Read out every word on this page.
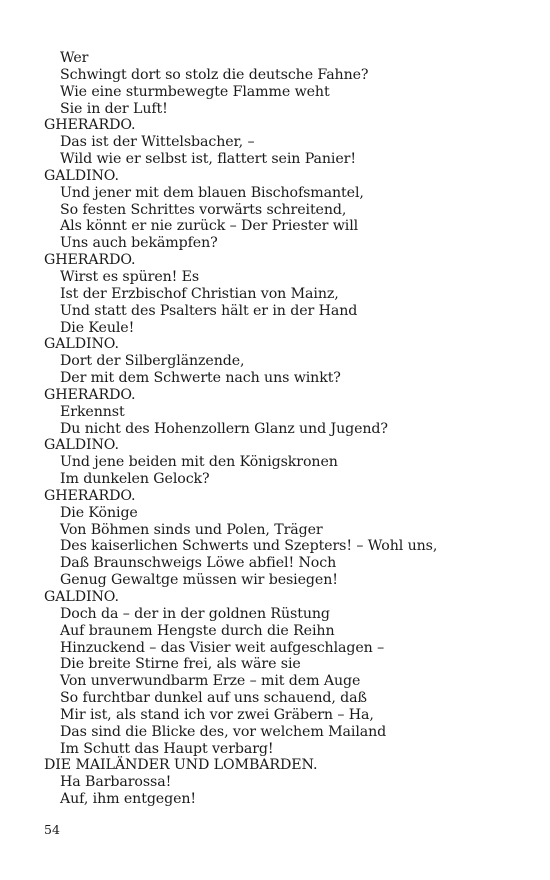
Wer
Schwingt dort so stolz die deutsche Fahne?
Wie eine sturmbewegte Flamme weht
Sie in der Luft!
GHERARDO.
Das ist der Wittelsbacher, –
Wild wie er selbst ist, flattert sein Panier!
GALDINO.
Und jener mit dem blauen Bischofsmantel,
So festen Schrittes vorwärts schreitend,
Als könnt er nie zurück – Der Priester will
Uns auch bekämpfen?
GHERARDO.
Wirst es spüren! Es
Ist der Erzbischof Christian von Mainz,
Und statt des Psalters hält er in der Hand
Die Keule!
GALDINO.
Dort der Silberglänzende,
Der mit dem Schwerte nach uns winkt?
GHERARDO.
Erkennst
Du nicht des Hohenzollern Glanz und Jugend?
GALDINO.
Und jene beiden mit den Königskronen
Im dunkelen Gelock?
GHERARDO.
Die Könige
Von Böhmen sinds und Polen, Träger
Des kaiserlichen Schwerts und Szepters! – Wohl uns,
Daß Braunschweigs Löwe abfiel! Noch
Genug Gewaltge müssen wir besiegen!
GALDINO.
Doch da – der in der goldnen Rüstung
Auf braunem Hengste durch die Reihn
Hinzuckend – das Visier weit aufgeschlagen –
Die breite Stirne frei, als wäre sie
Von unverwundbarm Erze – mit dem Auge
So furchtbar dunkel auf uns schauend, daß
Mir ist, als stand ich vor zwei Gräbern – Ha,
Das sind die Blicke des, vor welchem Mailand
Im Schutt das Haupt verbarg!
DIE MAILÄNDER UND LOMBARDEN.
Ha Barbarossa!
Auf, ihm entgegen!
54
